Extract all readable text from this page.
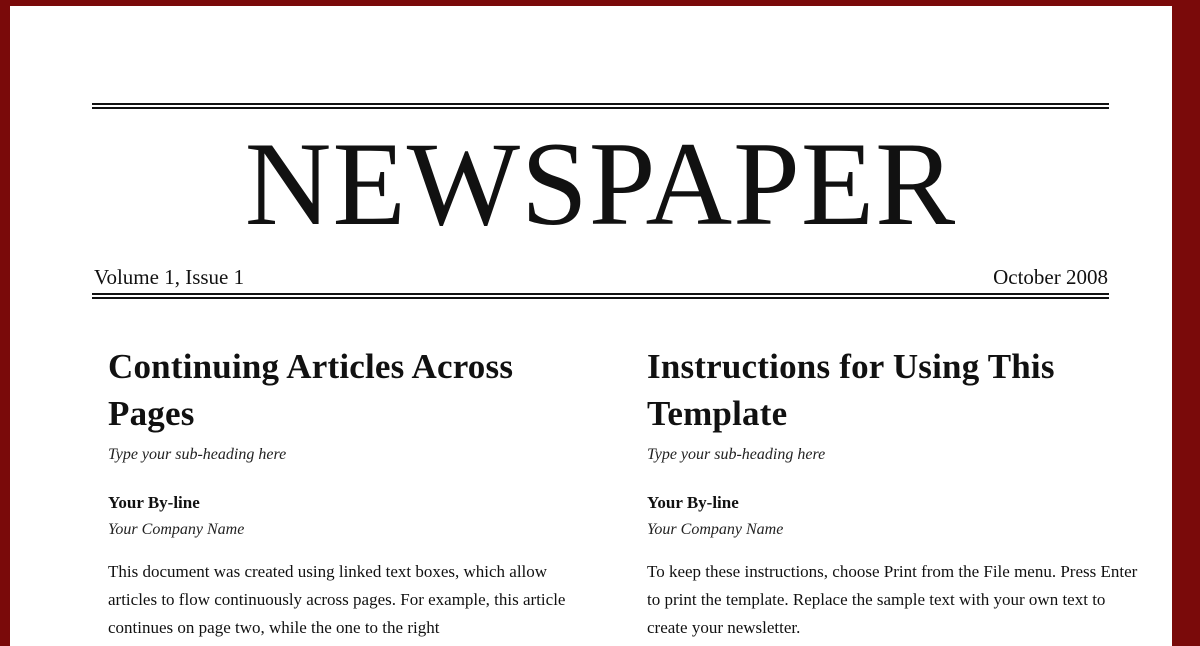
NEWSPAPER
Volume 1, Issue 1	October 2008
Continuing Articles Across Pages
Type your sub-heading here
Your By-line
Your Company Name
This document was created using linked text boxes, which allow articles to flow continuously across pages. For example, this article continues on page two, while the one to the right
Instructions for Using This Template
Type your sub-heading here
Your By-line
Your Company Name
To keep these instructions, choose Print from the File menu. Press Enter to print the template. Replace the sample text with your own text to create your newsletter.
